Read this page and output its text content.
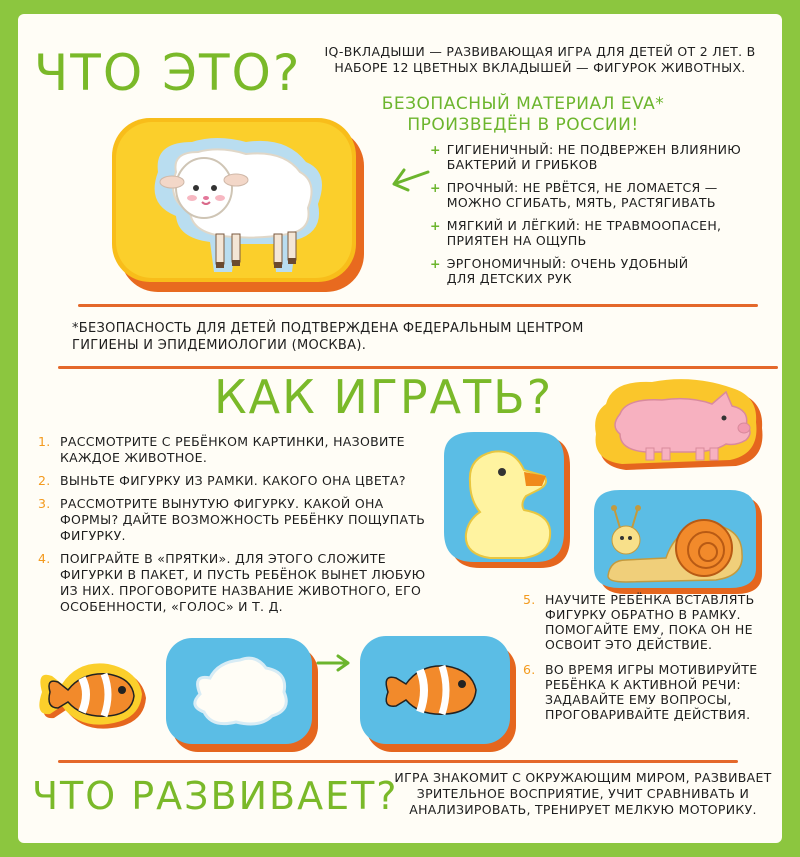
ЧТО ЭТО?	IQ-ВКЛАДЫШИ — РАЗВИВАЮЩАЯ ИГРА ДЛЯ ДЕТЕЙ ОТ 2 ЛЕТ. В НАБОРЕ 12 ЦВЕТНЫХ ВКЛАДЫШЕЙ — ФИГУРОК ЖИВОТНЫХ.
БЕЗОПАСНЫЙ МАТЕРИАЛ EVA*
ПРОИЗВЕДЁН В РОССИИ!
+ ГИГИЕНИЧНЫЙ: НЕ ПОДВЕРЖЕН ВЛИЯНИЮ
БАКТЕРИЙ И ГРИБКОВ
+ ПРОЧНЫЙ: НЕ РВЁТСЯ, НЕ ЛОМАЕТСЯ —
МОЖНО СГИБАТЬ, МЯТЬ, РАСТЯГИВАТЬ
+ МЯГКИЙ И ЛЁГКИЙ: НЕ ТРАВМООПАСЕН,
ПРИЯТЕН НА ОЩУПЬ
+ ЭРГОНОМИЧНЫЙ: ОЧЕНЬ УДОБНЫЙ
ДЛЯ ДЕТСКИХ РУК
*БЕЗОПАСНОСТЬ ДЛЯ ДЕТЕЙ ПОДТВЕРЖДЕНА ФЕДЕРАЛЬНЫМ ЦЕНТРОМ
ГИГИЕНЫ И ЭПИДЕМИОЛОГИИ (МОСКВА).
КАК ИГРАТЬ?
1. РАССМОТРИТЕ С РЕБЁНКОМ КАРТИНКИ, НАЗОВИТЕ КАЖДОЕ ЖИВОТНОЕ.
2. ВЫНЬТЕ ФИГУРКУ ИЗ РАМКИ. КАКОГО ОНА ЦВЕТА?
3. РАССМОТРИТЕ ВЫНУТУЮ ФИГУРКУ. КАКОЙ ОНА ФОРМЫ? ДАЙТЕ ВОЗМОЖНОСТЬ РЕБЁНКУ ПОЩУПАТЬ ФИГУРКУ.
4. ПОИГРАЙТЕ В «ПРЯТКИ». ДЛЯ ЭТОГО СЛОЖИТЕ ФИГУРКИ В ПАКЕТ, И ПУСТЬ РЕБЁНОК ВЫНЕТ ЛЮБУЮ ИЗ НИХ. ПРОГОВОРИТЕ НАЗВАНИЕ ЖИВОТНОГО, ЕГО ОСОБЕННОСТИ, «ГОЛОС» И Т. Д.	5. НАУЧИТЕ РЕБЁНКА ВСТАВЛЯТЬ ФИГУРКУ ОБРАТНО В РАМКУ. ПОМОГАЙТЕ ЕМУ, ПОКА ОН НЕ ОСВОИТ ЭТО ДЕЙСТВИЕ.
6. ВО ВРЕМЯ ИГРЫ МОТИВИРУЙТЕ РЕБЁНКА К АКТИВНОЙ РЕЧИ: ЗАДАВАЙТЕ ЕМУ ВОПРОСЫ, ПРОГОВАРИВАЙТЕ ДЕЙСТВИЯ.
ЧТО РАЗВИВАЕТ?
ИГРА ЗНАКОМИТ С ОКРУЖАЮЩИМ МИРОМ, РАЗВИВАЕТ ЗРИТЕЛЬНОЕ ВОСПРИЯТИЕ, УЧИТ СРАВНИВАТЬ И АНАЛИЗИРОВАТЬ, ТРЕНИРУЕТ МЕЛКУЮ МОТОРИКУ.
